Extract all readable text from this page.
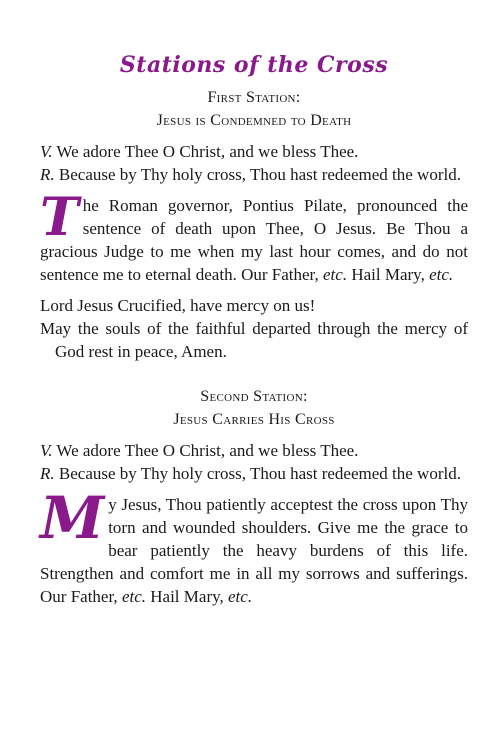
Stations of the Cross
First Station:
Jesus is Condemned to Death

V. We adore Thee O Christ, and we bless Thee.

R. Because by Thy holy cross, Thou hast redeemed the world.

The Roman governor, Pontius Pilate, pronounced the sentence of death upon Thee, O Jesus. Be Thou a gracious Judge to me when my last hour comes, and do not sentence me to eternal death. Our Father, etc. Hail Mary, etc.

Lord Jesus Crucified, have mercy on us!

May the souls of the faithful departed through the mercy of God rest in peace, Amen.

Second Station:
Jesus Carries His Cross

V. We adore Thee O Christ, and we bless Thee.

R. Because by Thy holy cross, Thou hast redeemed the world.

My Jesus, Thou patiently acceptest the cross upon Thy torn and wounded shoulders. Give me the grace to bear patiently the heavy burdens of this life. Strengthen and comfort me in all my sorrows and sufferings. Our Father, etc. Hail Mary, etc.
